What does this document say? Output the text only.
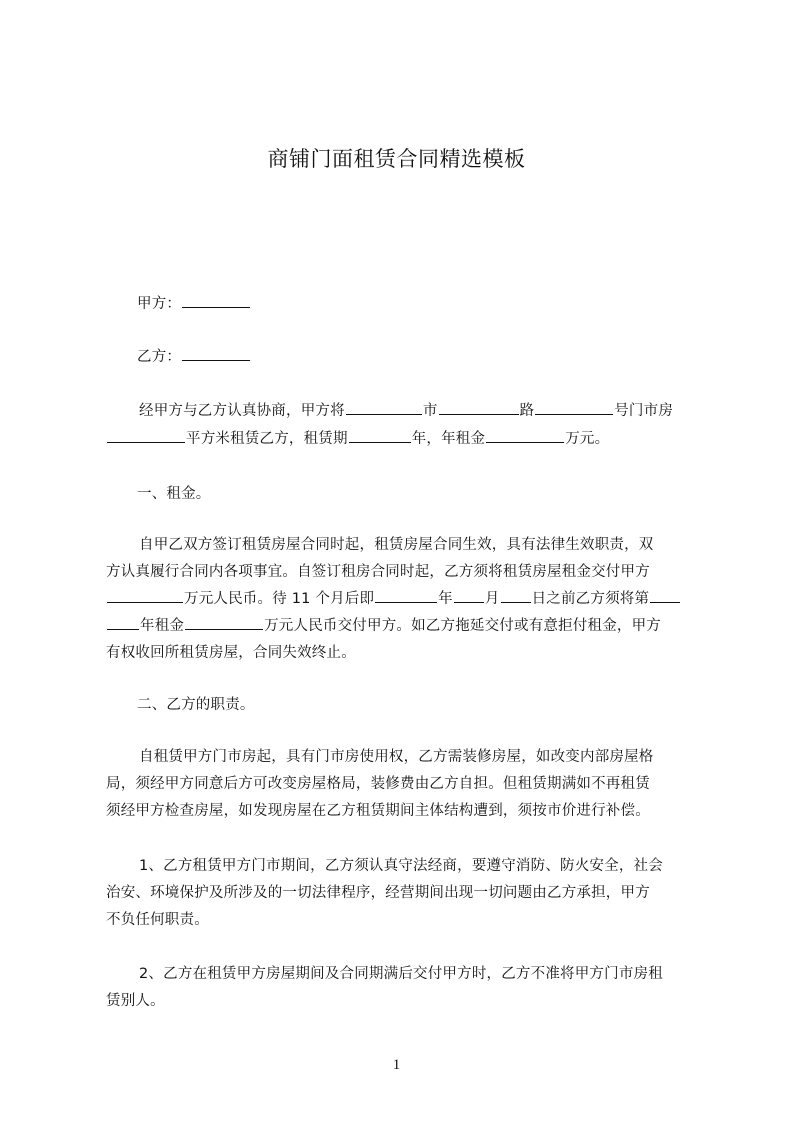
商铺门面租赁合同精选模板
甲方：
乙方：
经甲方与乙方认真协商，甲方将	市	路	号门市房
平方米租赁乙方，租赁期	年，年租金	万元。
一、租金。
自甲乙双方签订租赁房屋合同时起，租赁房屋合同生效，具有法律生效职责，双
方认真履行合同内各项事宜。自签订租房合同时起，乙方须将租赁房屋租金交付甲方
万元人民币。待 11 个月后即	年 月 日之前乙方须将第
年租金	万元人民币交付甲方。如乙方拖延交付或有意拒付租金，甲方
有权收回所租赁房屋，合同失效终止。
二、乙方的职责。
自租赁甲方门市房起，具有门市房使用权，乙方需装修房屋，如改变内部房屋格
局，须经甲方同意后方可改变房屋格局，装修费由乙方自担。但租赁期满如不再租赁
须经甲方检查房屋，如发现房屋在乙方租赁期间主体结构遭到，须按市价进行补偿。
1、乙方租赁甲方门市期间，乙方须认真守法经商，要遵守消防、防火安全，社会
治安、环境保护及所涉及的一切法律程序，经营期间出现一切问题由乙方承担，甲方
不负任何职责。
2、乙方在租赁甲方房屋期间及合同期满后交付甲方时，乙方不准将甲方门市房租
赁别人。
1
